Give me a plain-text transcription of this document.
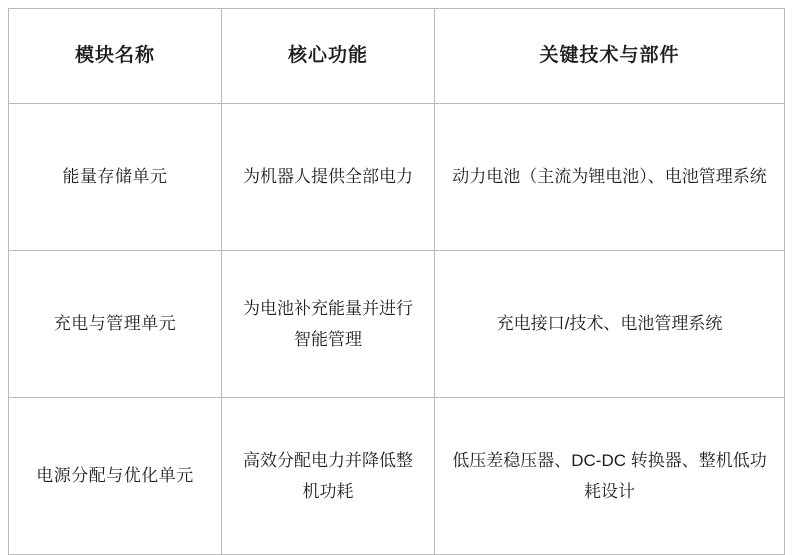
模块名称	核心功能	关键技术与部件
能量存储单元	为机器人提供全部电力	动力电池（主流为锂电池）、电池管理系统
充电与管理单元	为电池补充能量并进行智能管理	充电接口/技术、电池管理系统
电源分配与优化单元	高效分配电力并降低整机功耗	低压差稳压器、DC-DC 转换器、整机低功耗设计
